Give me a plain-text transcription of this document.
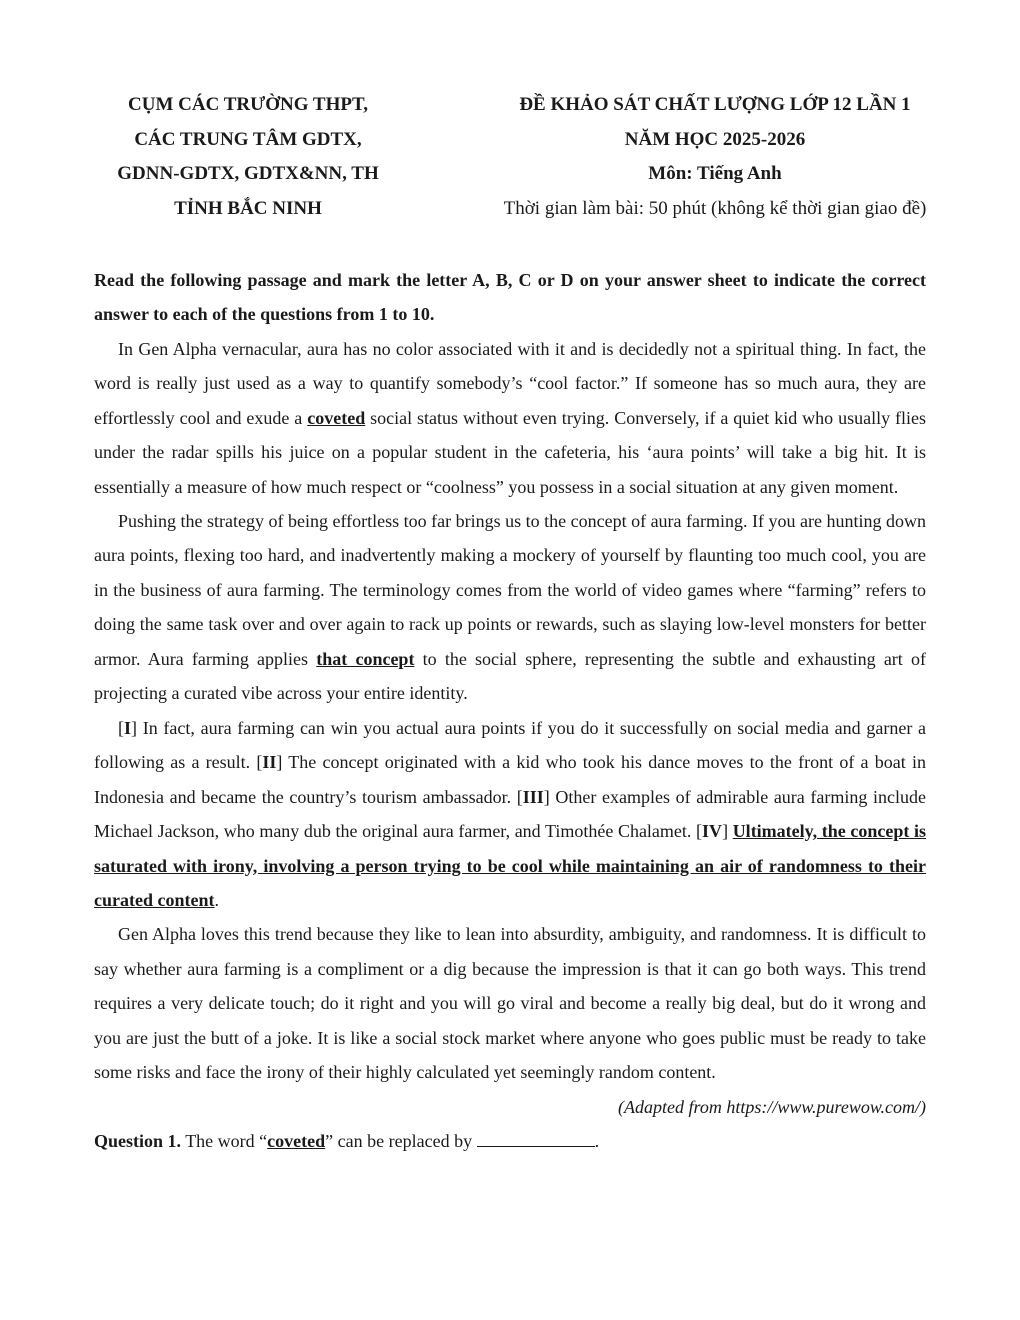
CỤM CÁC TRƯỜNG THPT,
CÁC TRUNG TÂM GDTX,
GDNN-GDTX, GDTX&NN, TH
TỈNH BẮC NINH
ĐỀ KHẢO SÁT CHẤT LƯỢNG LỚP 12 LẦN 1
NĂM HỌC 2025-2026
Môn: Tiếng Anh
Thời gian làm bài: 50 phút (không kể thời gian giao đề)
Read the following passage and mark the letter A, B, C or D on your answer sheet to indicate the correct answer to each of the questions from 1 to 10.
In Gen Alpha vernacular, aura has no color associated with it and is decidedly not a spiritual thing. In fact, the word is really just used as a way to quantify somebody’s “cool factor.” If someone has so much aura, they are effortlessly cool and exude a coveted social status without even trying. Conversely, if a quiet kid who usually flies under the radar spills his juice on a popular student in the cafeteria, his ‘aura points’ will take a big hit. It is essentially a measure of how much respect or “coolness” you possess in a social situation at any given moment.
Pushing the strategy of being effortless too far brings us to the concept of aura farming. If you are hunting down aura points, flexing too hard, and inadvertently making a mockery of yourself by flaunting too much cool, you are in the business of aura farming. The terminology comes from the world of video games where “farming” refers to doing the same task over and over again to rack up points or rewards, such as slaying low-level monsters for better armor. Aura farming applies that concept to the social sphere, representing the subtle and exhausting art of projecting a curated vibe across your entire identity.
[I] In fact, aura farming can win you actual aura points if you do it successfully on social media and garner a following as a result. [II] The concept originated with a kid who took his dance moves to the front of a boat in Indonesia and became the country’s tourism ambassador. [III] Other examples of admirable aura farming include Michael Jackson, who many dub the original aura farmer, and Timothée Chalamet. [IV] Ultimately, the concept is saturated with irony, involving a person trying to be cool while maintaining an air of randomness to their curated content.
Gen Alpha loves this trend because they like to lean into absurdity, ambiguity, and randomness. It is difficult to say whether aura farming is a compliment or a dig because the impression is that it can go both ways. This trend requires a very delicate touch; do it right and you will go viral and become a really big deal, but do it wrong and you are just the butt of a joke. It is like a social stock market where anyone who goes public must be ready to take some risks and face the irony of their highly calculated yet seemingly random content.
(Adapted from https://www.purewow.com/)
Question 1. The word “coveted” can be replaced by	.
